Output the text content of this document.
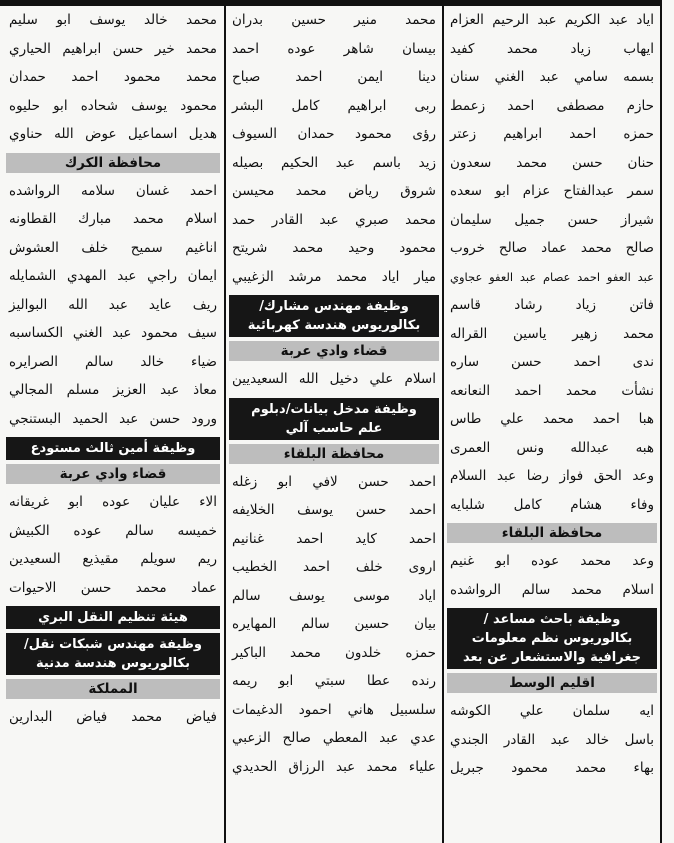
محمد خالد يوسف ابو سليم
محمد خير حسن ابراهيم الحياري
محمد محمود احمد حمدان
محمود يوسف شحاده ابو حليوه
هديل اسماعيل عوض الله حناوي
محافظة الكرك
احمد غسان سلامه الرواشده
اسلام محمد مبارك القطاونه
اناغيم سميح خلف العشوش
ايمان راجي عبد المهدي الشمايله
ريف عايد عبد الله البواليز
سيف محمود عبد الغني الكساسبه
ضياء خالد سالم الصرايره
معاذ عبد العزيز مسلم المجالي
ورود حسن عبد الحميد البستنجي
وظيفة أمين ثالث مستودع
قضاء وادي عربة
الاء عليان عوده ابو غريقانه
خميسه سالم عوده الكبيش
ريم سويلم مقيذيع السعيدين
عماد محمد حسن الاحيوات
هيئة تنظيم النقل البري
وظيفة مهندس شبكات نقل/
بكالوريوس هندسة مدنية
المملكة
فياض محمد فياض البدارين
محمد منير حسين بدران
بيسان شاهر عوده احمد
دينا ايمن احمد صباح
ربى ابراهيم كامل البشر
رؤى محمود حمدان السيوف
زيد باسم عبد الحكيم بصيله
شروق رياض محمد محيسن
محمد صبري عبد القادر حمد
محمود وحيد محمد شريتح
ميار اياد محمد مرشد الزغيبي
وظيفة مهندس مشارك/
بكالوريوس هندسة كهربائية
قضاء وادي عربة
اسلام علي دخيل الله السعيديين
وظيفة مدخل بيانات/دبلوم
علم حاسب آلي
محافظة البلقاء
احمد حسن لافي ابو زغله
احمد حسن يوسف الخلايفه
احمد كايد احمد غنانيم
اروى خلف احمد الخطيب
اياد موسى يوسف سالم
بيان حسين سالم المهايره
حمزه خلدون محمد الباكير
رنده عطا سبتي ابو ريمه
سلسبيل هاني احمود الدغيمات
عدي عبد المعطي صالح الزعبي
علياء محمد عبد الرزاق الحديدي
اياد عبد الكريم عبد الرحيم العزام
ايهاب زياد محمد كفيد
بسمه سامي عبد الغني سنان
حازم مصطفى احمد زعمط
حمزه احمد ابراهيم زعتر
حنان حسن محمد سعدون
سمر عبدالفتاح عزام ابو سعده
شيراز حسن جميل سليمان
صالح محمد عماد صالح خروب
عبد العفو احمد عصام عبد العفو عجاوي
فاتن زياد رشاد قاسم
محمد زهير ياسين القراله
ندى احمد حسن ساره
نشأت محمد احمد النعانعه
هبا احمد محمد علي طاس
هبه عبدالله ونس العمرى
وعد الحق فواز رضا عبد السلام
وفاء هشام كامل شلبايه
محافظة البلقاء
وعد محمد عوده ابو غنيم
اسلام محمد سالم الرواشده
وظيفة باحث مساعد /
بكالوريوس نظم معلومات
جغرافية والاستشعار عن بعد
اقليم الوسط
ايه سلمان علي الكوشه
باسل خالد عبد القادر الجندي
بهاء محمد محمود جبريل
